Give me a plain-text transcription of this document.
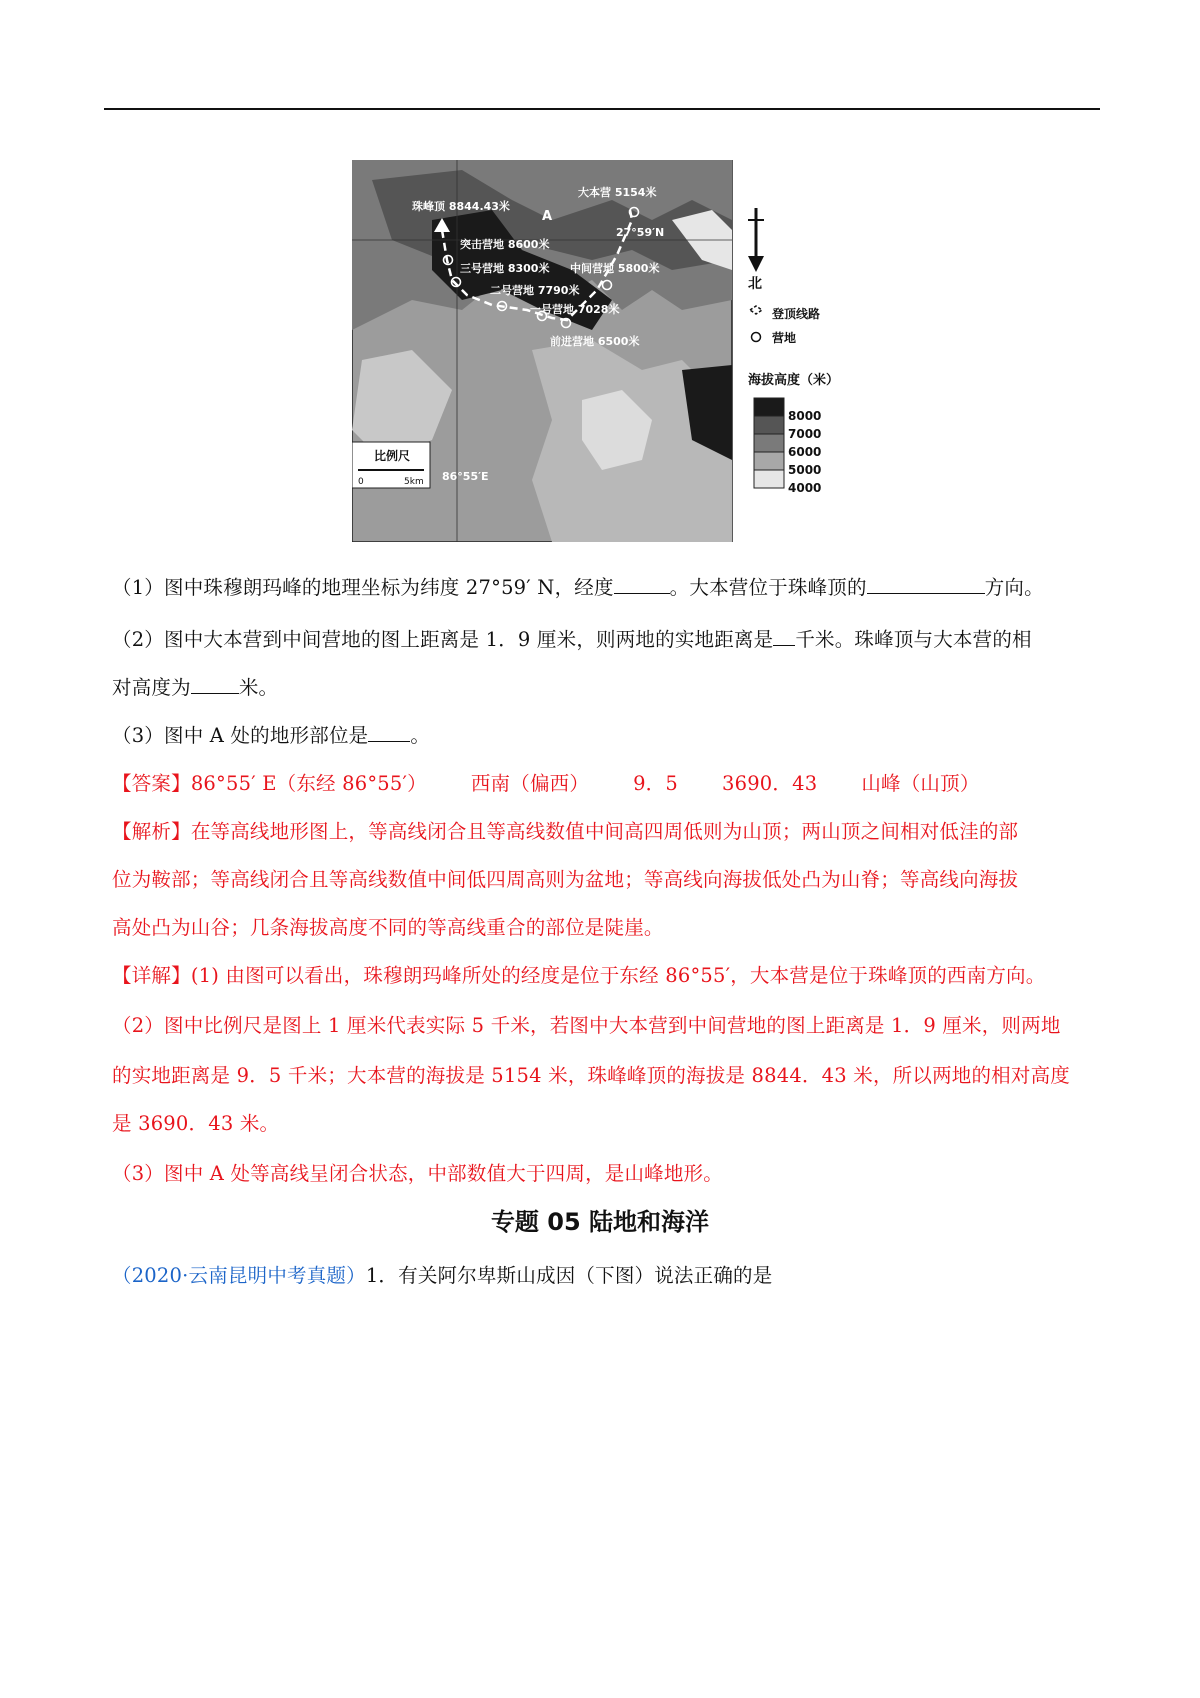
珠峰顶 8844.43米
突击营地 8600米
三号营地 8300米
二号营地 7790米
一号营地 7028米
前进营地 6500米
中间营地 5800米
大本营 5154米
27°59′N
A
比例尺
0	5km 86°55′E
北
登顶线路
营地
海拔高度（米）
8000
7000
6000
5000
4000
（1）图中珠穆朗玛峰的地理坐标为纬度 27°59′ N，经度	。大本营位于珠峰顶的	方向。
（2）图中大本营到中间营地的图上距离是 1．9 厘米，则两地的实地距离是 千米。珠峰顶与大本营的相
对高度为 米。
（3）图中 A 处的地形部位是 。
【答案】86°55′ E（东经 86°55′） 西南（偏西） 9．5 3690．43 山峰（山顶）
【解析】在等高线地形图上，等高线闭合且等高线数值中间高四周低则为山顶；两山顶之间相对低洼的部
位为鞍部；等高线闭合且等高线数值中间低四周高则为盆地；等高线向海拔低处凸为山脊；等高线向海拔
高处凸为山谷；几条海拔高度不同的等高线重合的部位是陡崖。
【详解】(1) 由图可以看出，珠穆朗玛峰所处的经度是位于东经 86°55′，大本营是位于珠峰顶的西南方向。
（2）图中比例尺是图上 1 厘米代表实际 5 千米，若图中大本营到中间营地的图上距离是 1．9 厘米，则两地
的实地距离是 9．5 千米；大本营的海拔是 5154 米，珠峰峰顶的海拔是 8844．43 米，所以两地的相对高度
是 3690．43 米。
（3）图中 A 处等高线呈闭合状态，中部数值大于四周，是山峰地形。
专题 05 陆地和海洋
（2020·云南昆明中考真题）1．有关阿尔卑斯山成因（下图）说法正确的是
